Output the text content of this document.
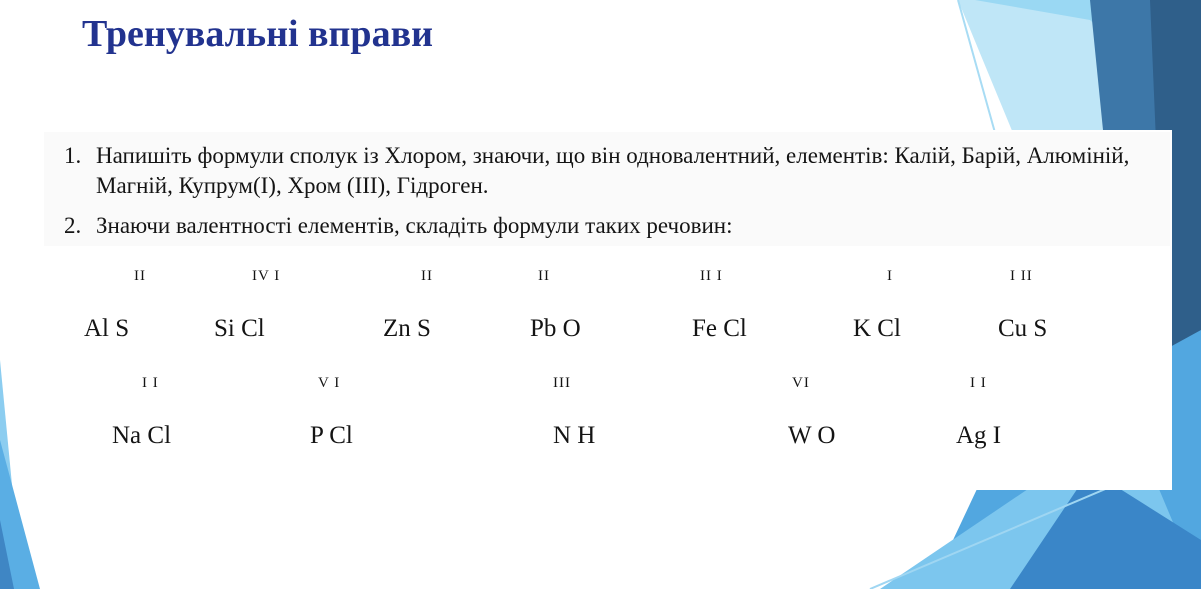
Тренувальні вправи
1. Напишіть формули сполук із Хлором, знаючи, що він одновалентний, елементів: Калій, Барій, Алюміній, Магній, Купрум(I), Хром (III), Гідроген.
2. Знаючи валентності елементів, складіть формули таких речовин:
II
Al S
IV I
Si Cl
II
Zn S
II
Pb O
II I
Fe Cl
I
K Cl
I II
Cu S
I I
Na Cl
V I
P Cl
III
N H
VI
W O
I I
Ag I
